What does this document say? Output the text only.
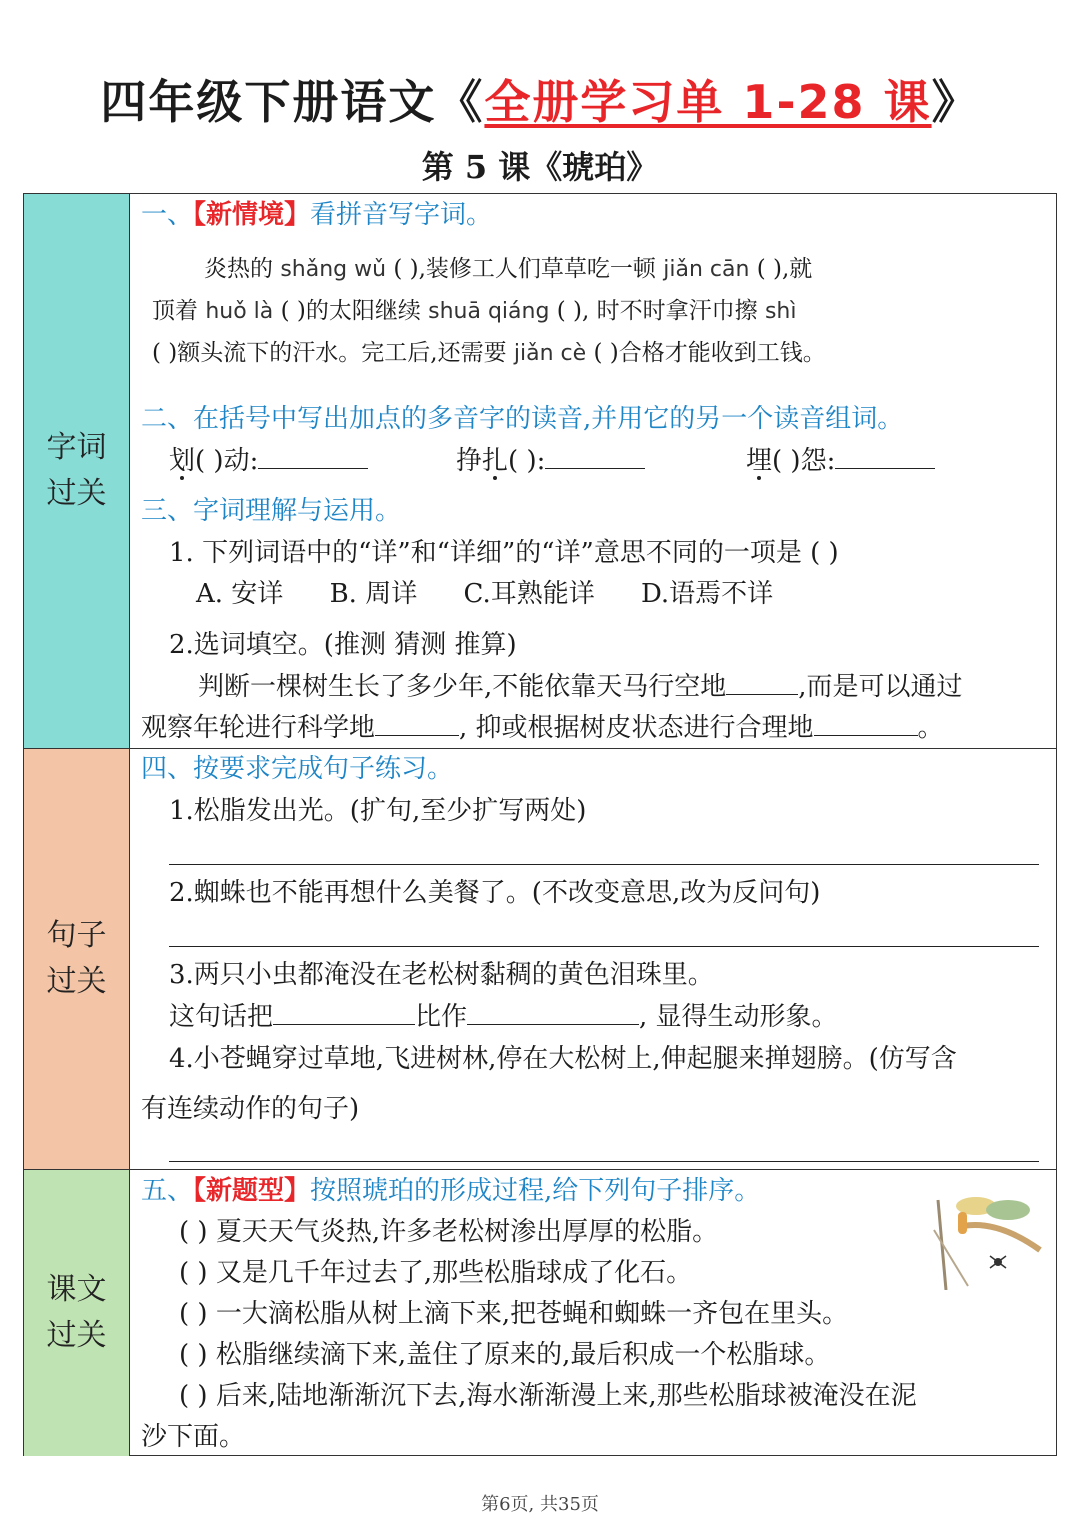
四年级下册语文《全册学习单 1-28 课》
第 5 课《琥珀》
字词过关
句子过关
课文过关
一、【新情境】看拼音写字词。
炎热的 shǎng wǔ ( ),装修工人们草草吃一顿 jiǎn cān ( ),就
顶着 huǒ là ( )的太阳继续 shuā qiáng ( ), 时不时拿汗巾擦 shì
( )额头流下的汗水。完工后,还需要 jiǎn cè ( )合格才能收到工钱。
二、在括号中写出加点的多音字的读音,并用它的另一个读音组词。
划( )动:	挣扎( ):	埋( )怨:
三、字词理解与运用。
1. 下列词语中的“详”和“详细”的“详”意思不同的一项是 ( )
A. 安详 B. 周详 C.耳熟能详 D.语焉不详
2.选词填空。(推测 猜测 推算)
判断一棵树生长了多少年,不能依靠天马行空地	,而是可以通过
观察年轮进行科学地	, 抑或根据树皮状态进行合理地	。
四、按要求完成句子练习。
1.松脂发出光。(扩句,至少扩写两处)
2.蜘蛛也不能再想什么美餐了。(不改变意思,改为反问句)
3.两只小虫都淹没在老松树黏稠的黄色泪珠里。
这句话把	比作	, 显得生动形象。
4.小苍蝇穿过草地,飞进树林,停在大松树上,伸起腿来掸翅膀。(仿写含
有连续动作的句子)
五、【新题型】按照琥珀的形成过程,给下列句子排序。
( ) 夏天天气炎热,许多老松树渗出厚厚的松脂。
( ) 又是几千年过去了,那些松脂球成了化石。
( ) 一大滴松脂从树上滴下来,把苍蝇和蜘蛛一齐包在里头。
( ) 松脂继续滴下来,盖住了原来的,最后积成一个松脂球。
( ) 后来,陆地渐渐沉下去,海水渐渐漫上来,那些松脂球被淹没在泥
沙下面。
第6页, 共35页
